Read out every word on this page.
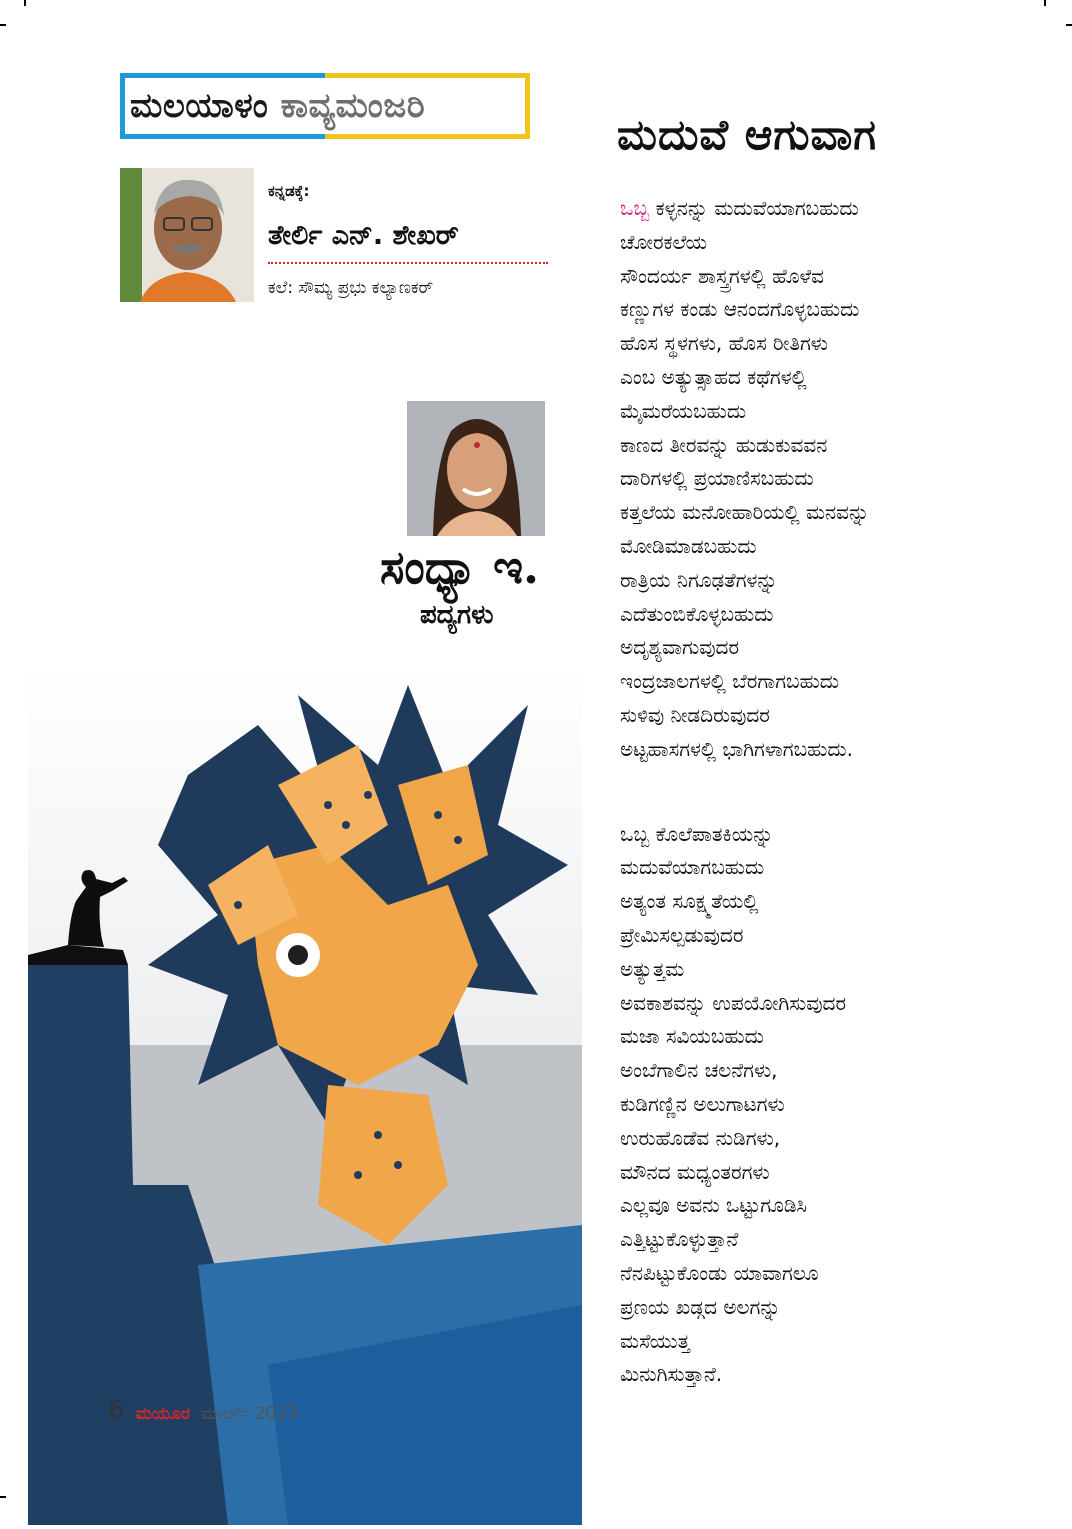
ಮಲಯಾಳಂ ಕಾವ್ಯಮಂಜರಿ
ಕನ್ನಡಕ್ಕೆ:
ತೇರ್ಲಿ ಎನ್. ಶೇಖರ್
ಕಲೆ: ಸೌಮ್ಯ ಪ್ರಭು ಕಲ್ಯಾಣಕರ್
ಸಂಧ್ಯಾ ಇ.
ಪದ್ಯಗಳು
6 ಮಯೂರ ಮಾರ್ಚ್ 2023
ಮದುವೆ ಆಗುವಾಗ
ಒಬ್ಬ ಕಳ್ಳನನ್ನು ಮದುವೆಯಾಗಬಹುದು
ಚೋರಕಲೆಯ
ಸೌಂದರ್ಯ ಶಾಸ್ತ್ರಗಳಲ್ಲಿ ಹೊಳೆವ
ಕಣ್ಣುಗಳ ಕಂಡು ಆನಂದಗೊಳ್ಳಬಹುದು
ಹೊಸ ಸ್ಥಳಗಳು, ಹೊಸ ರೀತಿಗಳು
ಎಂಬ ಅತ್ಯುತ್ಸಾಹದ ಕಥೆಗಳಲ್ಲಿ
ಮೈಮರೆಯಬಹುದು
ಕಾಣದ ತೀರವನ್ನು ಹುಡುಕುವವನ
ದಾರಿಗಳಲ್ಲಿ ಪ್ರಯಾಣಿಸಬಹುದು
ಕತ್ತಲೆಯ ಮನೋಹಾರಿಯಲ್ಲಿ ಮನವನ್ನು
ಮೋಡಿಮಾಡಬಹುದು
ರಾತ್ರಿಯ ನಿಗೂಢತೆಗಳನ್ನು
ಎದೆತುಂಬಿಕೊಳ್ಳಬಹುದು
ಅದೃಶ್ಯವಾಗುವುದರ
ಇಂದ್ರಜಾಲಗಳಲ್ಲಿ ಬೆರಗಾಗಬಹುದು
ಸುಳಿವು ನೀಡದಿರುವುದರ
ಅಟ್ಟಹಾಸಗಳಲ್ಲಿ ಭಾಗಿಗಳಾಗಬಹುದು.
ಒಬ್ಬ ಕೊಲೆಪಾತಕಿಯನ್ನು
ಮದುವೆಯಾಗಬಹುದು
ಅತ್ಯಂತ ಸೂಕ್ಷ್ಮತೆಯಲ್ಲಿ
ಪ್ರೇಮಿಸಲ್ಪಡುವುದರ
ಅತ್ಯುತ್ತಮ
ಅವಕಾಶವನ್ನು ಉಪಯೋಗಿಸುವುದರ
ಮಜಾ ಸವಿಯಬಹುದು
ಅಂಬೆಗಾಲಿನ ಚಲನೆಗಳು,
ಕುಡಿಗಣ್ಣಿನ ಅಲುಗಾಟಗಳು
ಉರುಹೊಡೆವ ನುಡಿಗಳು,
ಮೌನದ ಮಧ್ಯಂತರಗಳು
ಎಲ್ಲವೂ ಅವನು ಒಟ್ಟುಗೂಡಿಸಿ
ಎತ್ತಿಟ್ಟುಕೊಳ್ಳುತ್ತಾನೆ
ನೆನಪಿಟ್ಟುಕೊಂಡು ಯಾವಾಗಲೂ
ಪ್ರಣಯ ಖಡ್ಗದ ಅಲಗನ್ನು
ಮಸೆಯುತ್ತ
ಮಿನುಗಿಸುತ್ತಾನೆ.
